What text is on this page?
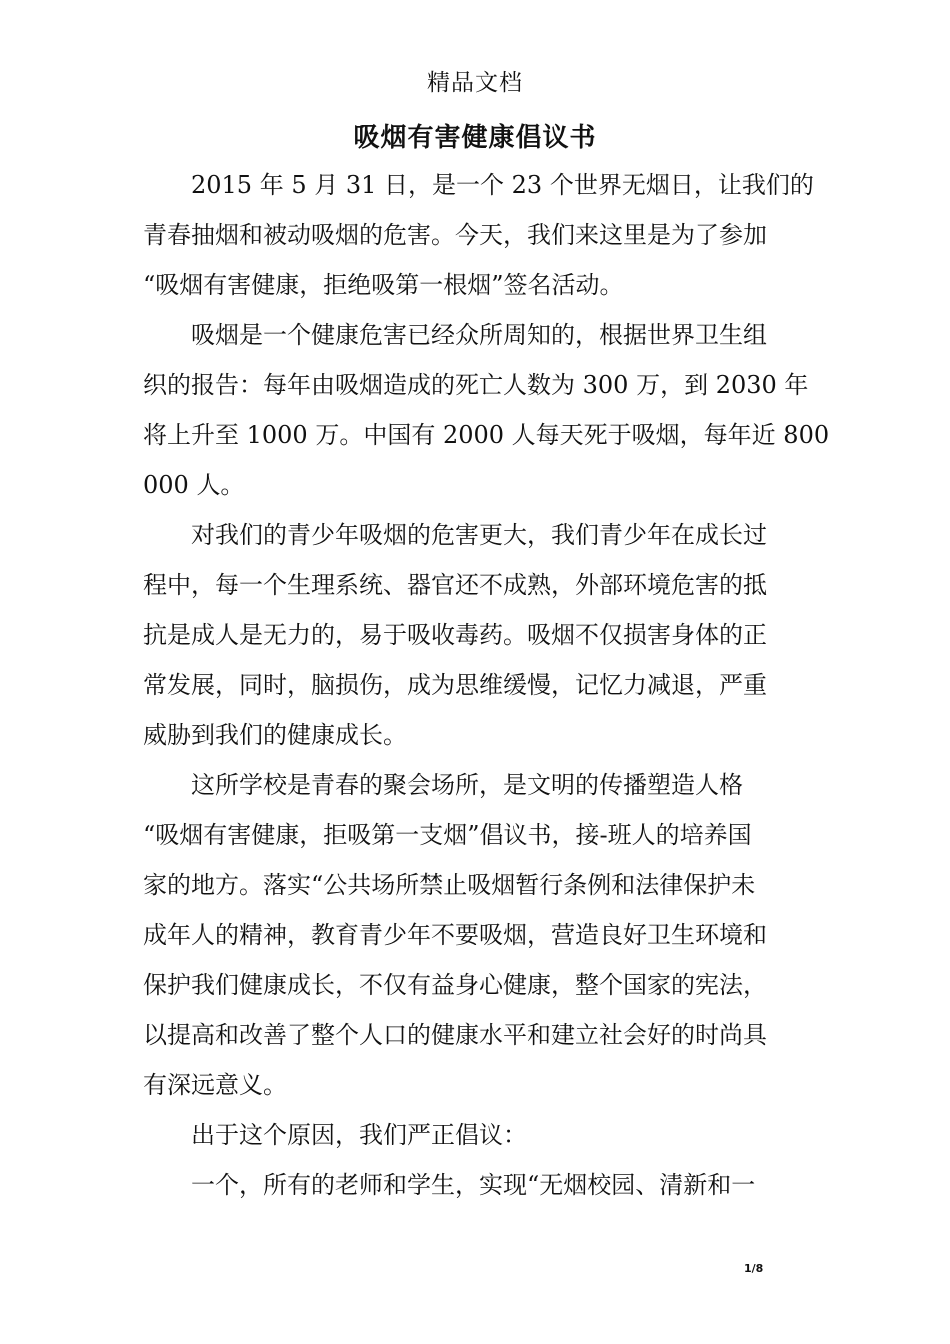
精品文档
吸烟有害健康倡议书
　　2015 年 5 月 31 日，是一个 23 个世界无烟日，让我们的
青春抽烟和被动吸烟的危害。今天，我们来这里是为了参加
“吸烟有害健康，拒绝吸第一根烟”签名活动。
　　吸烟是一个健康危害已经众所周知的，根据世界卫生组
织的报告：每年由吸烟造成的死亡人数为 300 万，到 2030 年
将上升至 1000 万。中国有 2000 人每天死于吸烟，每年近 800
000 人。
　　对我们的青少年吸烟的危害更大，我们青少年在成长过
程中，每一个生理系统、器官还不成熟，外部环境危害的抵
抗是成人是无力的，易于吸收毒药。吸烟不仅损害身体的正
常发展，同时，脑损伤，成为思维缓慢，记忆力减退，严重
威胁到我们的健康成长。
　　这所学校是青春的聚会场所，是文明的传播塑造人格
“吸烟有害健康，拒吸第一支烟”倡议书，接-班人的培养国
家的地方。落实“公共场所禁止吸烟暂行条例和法律保护未
成年人的精神，教育青少年不要吸烟，营造良好卫生环境和
保护我们健康成长，不仅有益身心健康，整个国家的宪法，
以提高和改善了整个人口的健康水平和建立社会好的时尚具
有深远意义。
　　出于这个原因，我们严正倡议：
　　一个，所有的老师和学生，实现“无烟校园、清新和一
1/8
